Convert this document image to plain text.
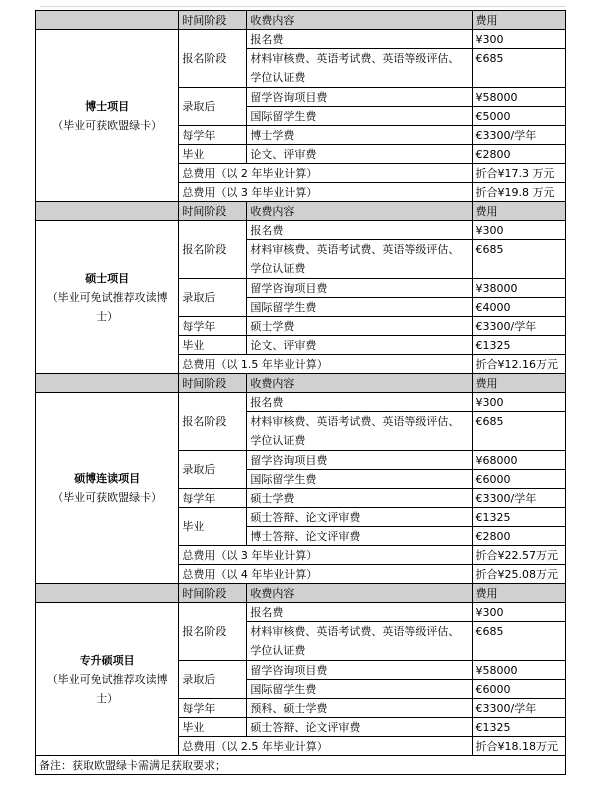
	时间阶段	收费内容	费用

博士项目
（毕业可获欧盟绿卡）	报名阶段	报名费	¥300
		材料审核费、英语考试费、英语等级评估、学位认证费	€685
	录取后	留学咨询项目费	¥58000
		国际留学生费	€5000
	每学年	博士学费	€3300/学年
	毕业	论文、评审费	€2800
	总费用（以 2 年毕业计算）		折合¥17.3 万元
	总费用（以 3 年毕业计算）		折合¥19.8 万元
	时间阶段	收费内容	费用

硕士项目
（毕业可免试推荐攻读博士）	报名阶段	报名费	¥300
		材料审核费、英语考试费、英语等级评估、学位认证费	€685
	录取后	留学咨询项目费	¥38000
		国际留学生费	€4000
	每学年	硕士学费	€3300/学年
	毕业	论文、评审费	€1325
	总费用（以 1.5 年毕业计算）		折合¥12.16万元
	时间阶段	收费内容	费用

硕博连读项目
（毕业可获欧盟绿卡）	报名阶段	报名费	¥300
		材料审核费、英语考试费、英语等级评估、学位认证费	€685
	录取后	留学咨询项目费	¥68000
		国际留学生费	€6000
	每学年	硕士学费	€3300/学年
	毕业	硕士答辩、论文评审费	€1325
		博士答辩、论文评审费	€2800
	总费用（以 3 年毕业计算）		折合¥22.57万元
	总费用（以 4 年毕业计算）		折合¥25.08万元
	时间阶段	收费内容	费用

专升硕项目
（毕业可免试推荐攻读博士）	报名阶段	报名费	¥300
		材料审核费、英语考试费、英语等级评估、学位认证费	€685
	录取后	留学咨询项目费	¥58000
		国际留学生费	€6000
	每学年	预科、硕士学费	€3300/学年
	毕业	硕士答辩、论文评审费	€1325
	总费用（以 2.5 年毕业计算）		折合¥18.18万元
备注：获取欧盟绿卡需满足获取要求；			
